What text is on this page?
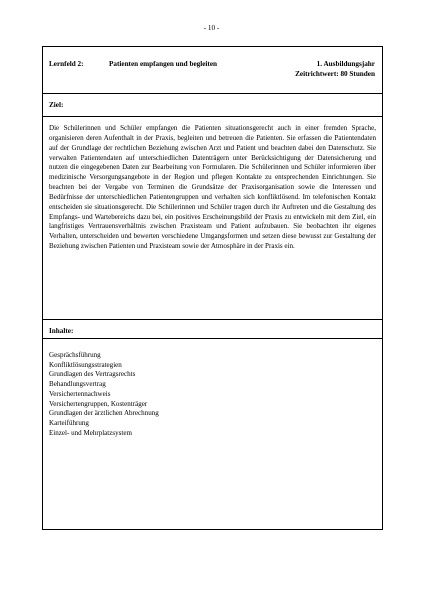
- 10 -
Lernfeld 2:	Patienten empfangen und begleiten	1. Ausbildungsjahr
Zeitrichtwert: 80 Stunden
Ziel:

Die Schülerinnen und Schüler empfangen die Patienten situationsgerecht auch in einer fremden Sprache, organisieren deren Aufenthalt in der Praxis, begleiten und betreuen die Patienten. Sie erfassen die Patientendaten auf der Grundlage der rechtlichen Beziehung zwischen Arzt und Patient und beachten dabei den Datenschutz. Sie verwalten Patientendaten auf unterschiedlichen Datenträgern unter Berücksichtigung der Datensicherung und nutzen die eingegebenen Daten zur Bearbeitung von Formularen. Die Schülerinnen und Schüler informieren über medizinische Versorgungsangebote in der Region und pflegen Kontakte zu entsprechenden Einrichtungen. Sie beachten bei der Vergabe von Terminen die Grundsätze der Praxisorganisation sowie die Interessen und Bedürfnisse der unterschiedlichen Patientengruppen und verhalten sich konfliktlösend. Im telefonischen Kontakt entscheiden sie situationsgerecht. Die Schülerinnen und Schüler tragen durch ihr Auftreten und die Gestaltung des Empfangs- und Wartebereichs dazu bei, ein positives Erscheinungsbild der Praxis zu entwickeln mit dem Ziel, ein langfristiges Vertrauensverhältnis zwischen Praxisteam und Patient aufzubauen. Sie beobachten ihr eigenes Verhalten, unterscheiden und bewerten verschiedene Umgangsformen und setzen diese bewusst zur Gestaltung der Beziehung zwischen Patienten und Praxisteam sowie der Atmosphäre in der Praxis ein.

Inhalte:
Gesprächsführung
Konfliktlösungsstrategien
Grundlagen des Vertragsrechts
Behandlungsvertrag
Versichertennachweis
Versichertengruppen, Kostenträger
Grundlagen der ärztlichen Abrechnung
Karteiführung
Einzel- und Mehrplatzsystem
